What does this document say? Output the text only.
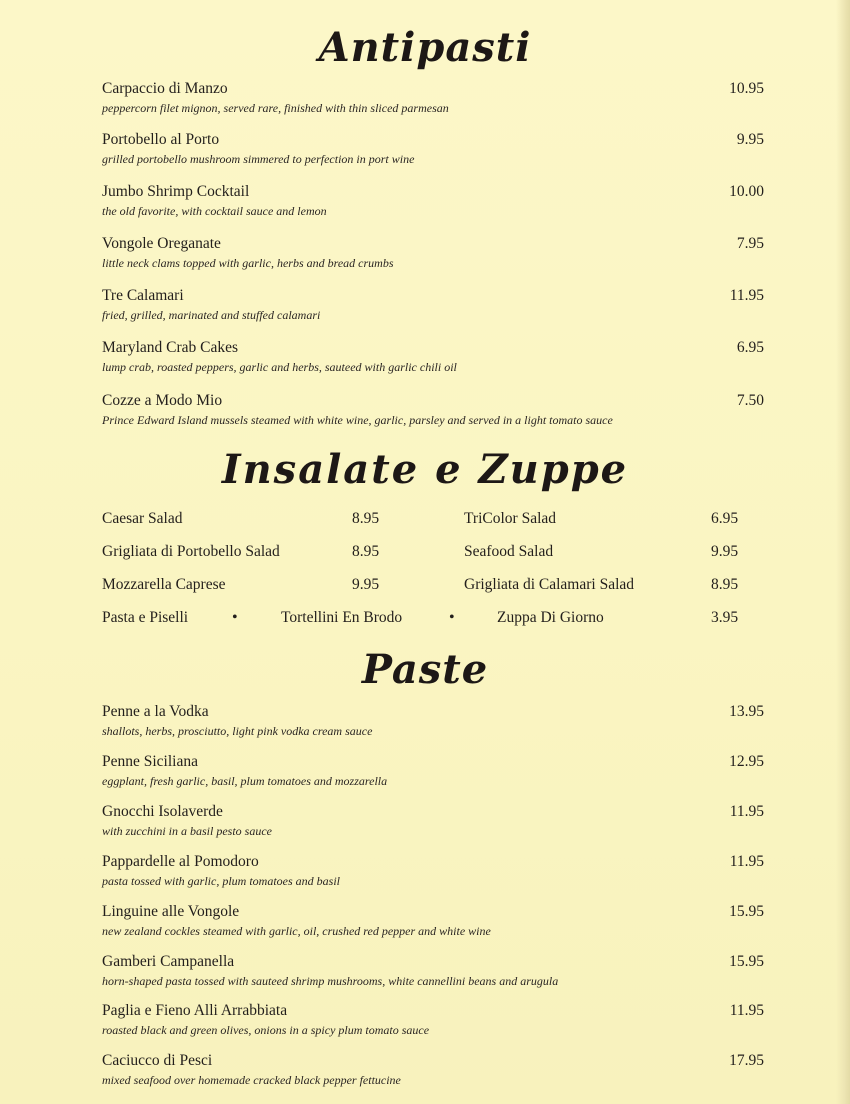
Antipasti
Carpaccio di Manzo
peppercorn filet mignon, served rare, finished with thin sliced parmesan
10.95
Portobello al Porto
grilled portobello mushroom simmered to perfection in port wine
9.95
Jumbo Shrimp Cocktail
the old favorite, with cocktail sauce and lemon
10.00
Vongole Oreganate
little neck clams topped with garlic, herbs and bread crumbs
7.95
Tre Calamari
fried, grilled, marinated and stuffed calamari
11.95
Maryland Crab Cakes
lump crab, roasted peppers, garlic and herbs, sauteed with garlic chili oil
6.95
Cozze a Modo Mio
Prince Edward Island mussels steamed with white wine, garlic, parsley and served in a light tomato sauce
7.50
Insalate e Zuppe
Caesar Salad	8.95	TriColor Salad	6.95
Grigliata di Portobello Salad	8.95	Seafood Salad	9.95
Mozzarella Caprese	9.95	Grigliata di Calamari Salad	8.95
Pasta e Piselli	•	Tortellini En Brodo	•	Zuppa Di Giorno	3.95
Paste
Penne a la Vodka
shallots, herbs, prosciutto, light pink vodka cream sauce
13.95
Penne Siciliana
eggplant, fresh garlic, basil, plum tomatoes and mozzarella
12.95
Gnocchi Isolaverde
with zucchini in a basil pesto sauce
11.95
Pappardelle al Pomodoro
pasta tossed with garlic, plum tomatoes and basil
11.95
Linguine alle Vongole
new zealand cockles steamed with garlic, oil, crushed red pepper and white wine
15.95
Gamberi Campanella
horn-shaped pasta tossed with sauteed shrimp mushrooms, white cannellini beans and arugula
15.95
Paglia e Fieno Alli Arrabbiata
roasted black and green olives, onions in a spicy plum tomato sauce
11.95
Caciucco di Pesci
mixed seafood over homemade cracked black pepper fettucine
17.95
